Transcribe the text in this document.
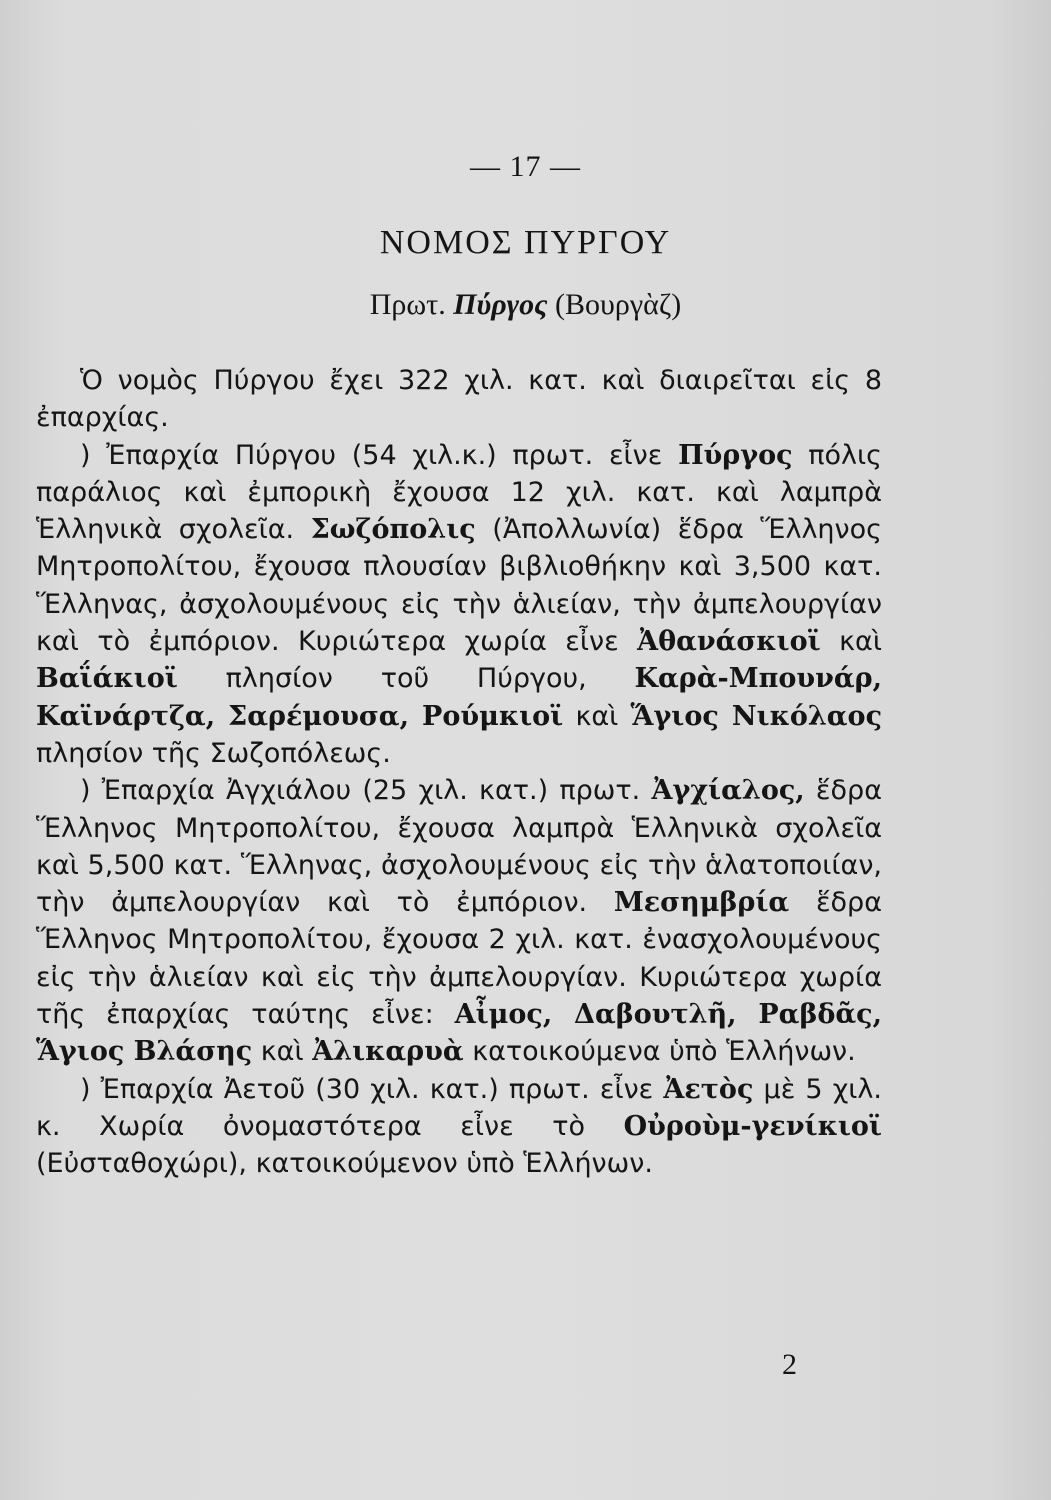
— 17 —
ΝΟΜΟΣ ΠΥΡΓΟΥ
Πρωτ. Πύργος (Βουργὰζ)

Ὁ νομὸς Πύργου ἔχει 322 χιλ. κατ. καὶ διαιρεῖται εἰς 8 ἐπαρχίας.

) Ἐπαρχία Πύργου (54 χιλ.κ.) πρωτ. εἶνε Πύργος πόλις παράλιος καὶ ἐμπορικὴ ἔχουσα 12 χιλ. κατ. καὶ λαμπρὰ Ἑλληνικὰ σχολεῖα. Σωζόπολις (Ἀπολλωνία) ἕδρα Ἕλληνος Μητροπολίτου, ἔχουσα πλουσίαν βιβλιοθήκην καὶ 3,500 κατ. Ἕλληνας, ἀσχολουμένους εἰς τὴν ἁλιείαν, τὴν ἀμπελουργίαν καὶ τὸ ἐμπόριον. Κυριώτερα χωρία εἶνε Ἀθανάσκιοϊ καὶ Βαΐάκιοϊ πλησίον τοῦ Πύργου, Καρὰ-Μπουνάρ, Καϊνάρτζα, Σαρέμουσα, Ρούμκιοϊ καὶ Ἅγιος Νικόλαος πλησίον τῆς Σωζοπόλεως.

) Ἐπαρχία Ἀγχιάλου (25 χιλ. κατ.) πρωτ. Ἀγχίαλος, ἕδρα Ἕλληνος Μητροπολίτου, ἔχουσα λαμπρὰ Ἑλληνικὰ σχολεῖα καὶ 5,500 κατ. Ἕλληνας, ἀσχολουμένους εἰς τὴν ἁλατοποιίαν, τὴν ἀμπελουργίαν καὶ τὸ ἐμπόριον. Μεσημβρία ἕδρα Ἕλληνος Μητροπολίτου, ἔχουσα 2 χιλ. κατ. ἐνασχολουμένους εἰς τὴν ἁλιείαν καὶ εἰς τὴν ἀμπελουργίαν. Κυριώτερα χωρία τῆς ἐπαρχίας ταύτης εἶνε: Αἶμος, Δαβουτλῆ, Ραβδᾶς, Ἅγιος Βλάσης καὶ Ἀλικαρυὰ κατοικούμενα ὑπὸ Ἑλλήνων.

) Ἐπαρχία Ἀετοῦ (30 χιλ. κατ.) πρωτ. εἶνε Ἀετὸς μὲ 5 χιλ. κ. Χωρία ὀνομαστότερα εἶνε τὸ Οὐροὺμ-γενίκιοϊ (Εὐσταθοχώρι), κατοικούμενον ὑπὸ Ἑλλήνων.

2
